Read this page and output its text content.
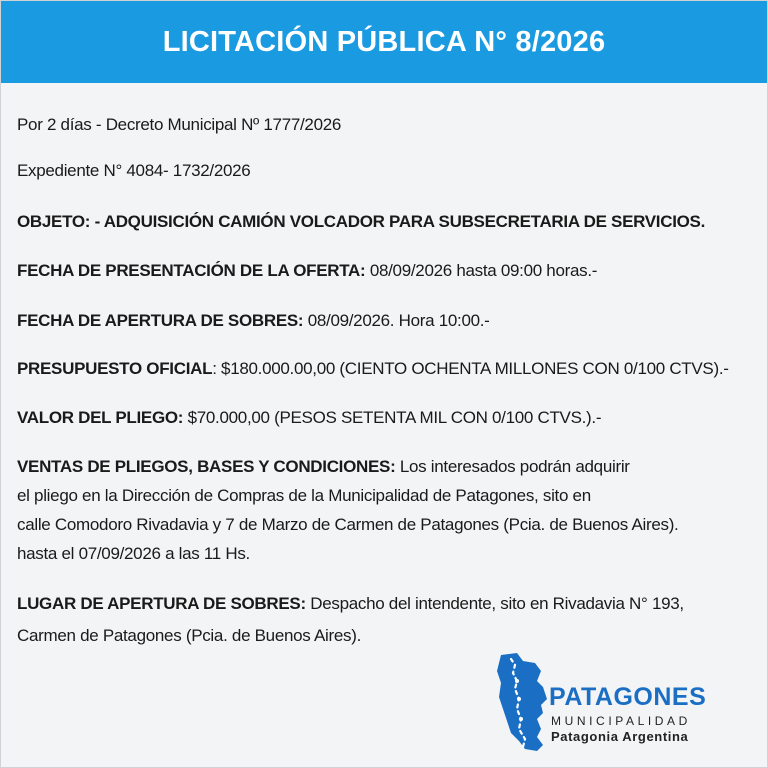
LICITACIÓN PÚBLICA N° 8/2026
Por 2 días - Decreto Municipal Nº 1777/2026
Expediente N° 4084- 1732/2026
OBJETO: - ADQUISICIÓN CAMIÓN VOLCADOR PARA SUBSECRETARIA DE SERVICIOS.
FECHA DE PRESENTACIÓN DE LA OFERTA: 08/09/2026 hasta 09:00 horas.-
FECHA DE APERTURA DE SOBRES: 08/09/2026. Hora 10:00.-
PRESUPUESTO OFICIAL: $180.000.00,00 (CIENTO OCHENTA MILLONES CON 0/100 CTVS).-
VALOR DEL PLIEGO: $70.000,00 (PESOS SETENTA MIL CON 0/100 CTVS.).-
VENTAS DE PLIEGOS, BASES Y CONDICIONES: Los interesados podrán adquirir
el pliego en la Dirección de Compras de la Municipalidad de Patagones, sito en
calle Comodoro Rivadavia y 7 de Marzo de Carmen de Patagones (Pcia. de Buenos Aires).
hasta el 07/09/2026 a las 11 Hs.
LUGAR DE APERTURA DE SOBRES: Despacho del intendente, sito en Rivadavia N° 193,
Carmen de Patagones (Pcia. de Buenos Aires).
PATAGONES
MUNICIPALIDAD
Patagonia Argentina
